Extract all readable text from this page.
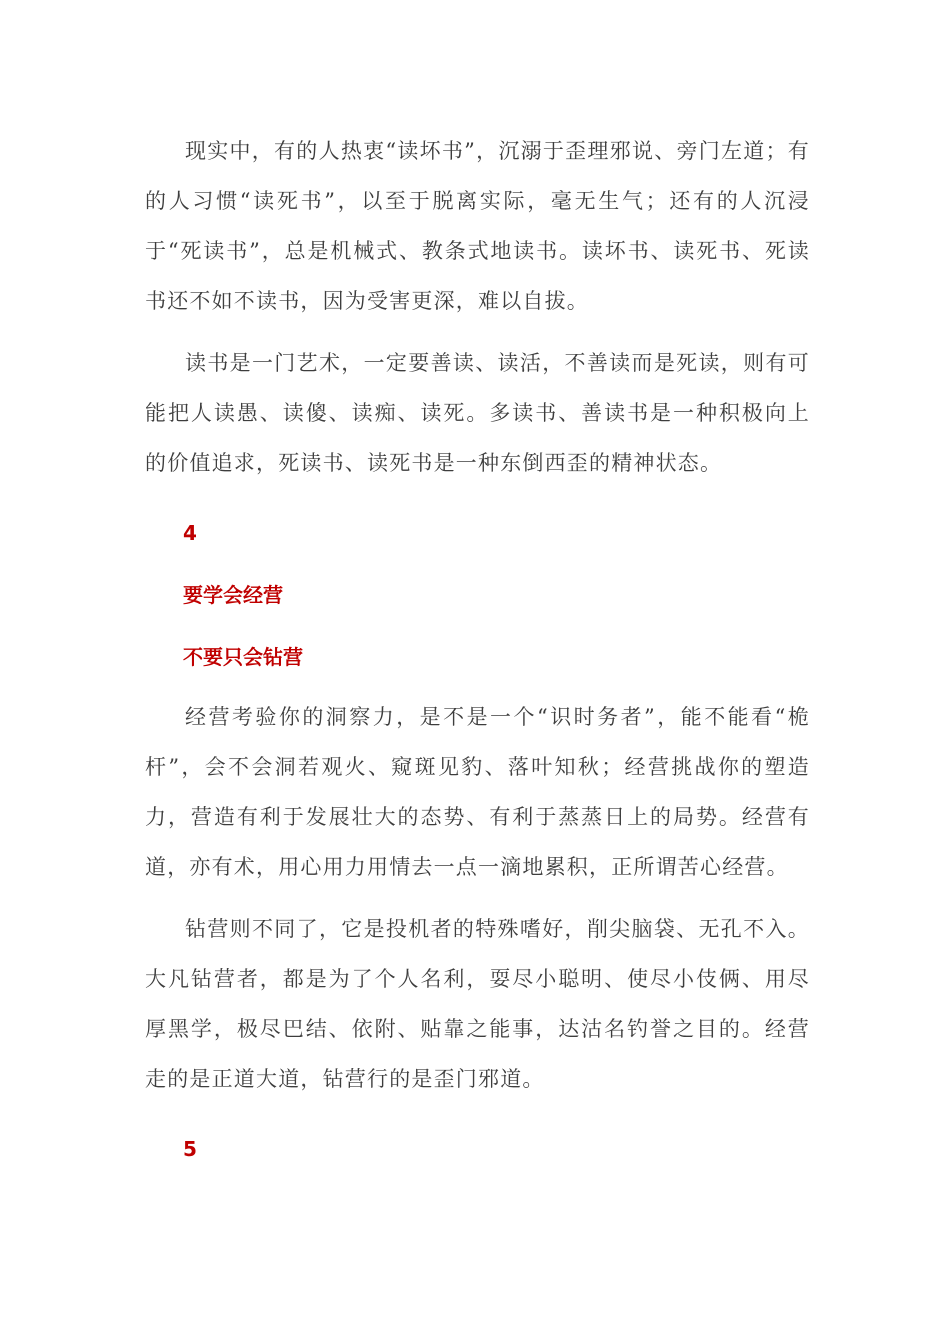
现实中，有的人热衷“读坏书”，沉溺于歪理邪说、旁门左道；有的人习惯“读死书”，以至于脱离实际，毫无生气；还有的人沉浸于“死读书”，总是机械式、教条式地读书。读坏书、读死书、死读书还不如不读书，因为受害更深，难以自拔。

读书是一门艺术，一定要善读、读活，不善读而是死读，则有可能把人读愚、读傻、读痴、读死。多读书、善读书是一种积极向上的价值追求，死读书、读死书是一种东倒西歪的精神状态。

4
要学会经营
不要只会钻营

经营考验你的洞察力，是不是一个“识时务者”，能不能看“桅杆”，会不会洞若观火、窥斑见豹、落叶知秋；经营挑战你的塑造力，营造有利于发展壮大的态势、有利于蒸蒸日上的局势。经营有道，亦有术，用心用力用情去一点一滴地累积，正所谓苦心经营。

钻营则不同了，它是投机者的特殊嗜好，削尖脑袋、无孔不入。大凡钻营者，都是为了个人名利，耍尽小聪明、使尽小伎俩、用尽厚黑学，极尽巴结、依附、贴靠之能事，达沽名钓誉之目的。经营走的是正道大道，钻营行的是歪门邪道。

5
